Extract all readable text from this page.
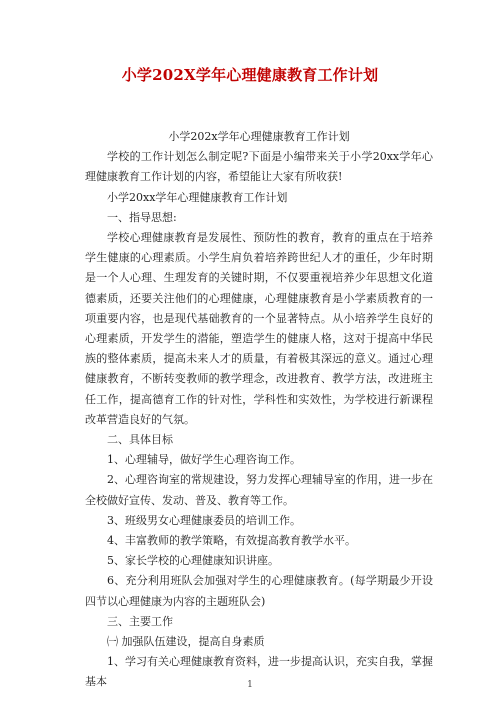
小学202X学年心理健康教育工作计划

小学202x学年心理健康教育工作计划

学校的工作计划怎么制定呢?下面是小编带来关于小学20xx学年心理健康教育工作计划的内容，希望能让大家有所收获!

小学20xx学年心理健康教育工作计划

一、指导思想:

学校心理健康教育是发展性、预防性的教育，教育的重点在于培养学生健康的心理素质。小学生肩负着培养跨世纪人才的重任，少年时期是一个人心理、生理发育的关键时期，不仅要重视培养少年思想文化道德素质，还要关注他们的心理健康，心理健康教育是小学素质教育的一项重要内容，也是现代基础教育的一个显著特点。从小培养学生良好的心理素质，开发学生的潜能，塑造学生的健康人格，这对于提高中华民族的整体素质，提高未来人才的质量，有着极其深远的意义。通过心理健康教育，不断转变教师的教学理念，改进教育、教学方法，改进班主任工作，提高德育工作的针对性，学科性和实效性，为学校进行新课程改革营造良好的气氛。

二、具体目标

1、心理辅导，做好学生心理咨询工作。

2、心理咨询室的常规建设，努力发挥心理辅导室的作用，进一步在全校做好宣传、发动、普及、教育等工作。

3、班级男女心理健康委员的培训工作。

4、丰富教师的教学策略，有效提高教育教学水平。

5、家长学校的心理健康知识讲座。

6、充分利用班队会加强对学生的心理健康教育。(每学期最少开设四节以心理健康为内容的主题班队会)

三、主要工作

㈠ 加强队伍建设，提高自身素质

1、学习有关心理健康教育资料，进一步提高认识，充实自我，掌握基本	1
